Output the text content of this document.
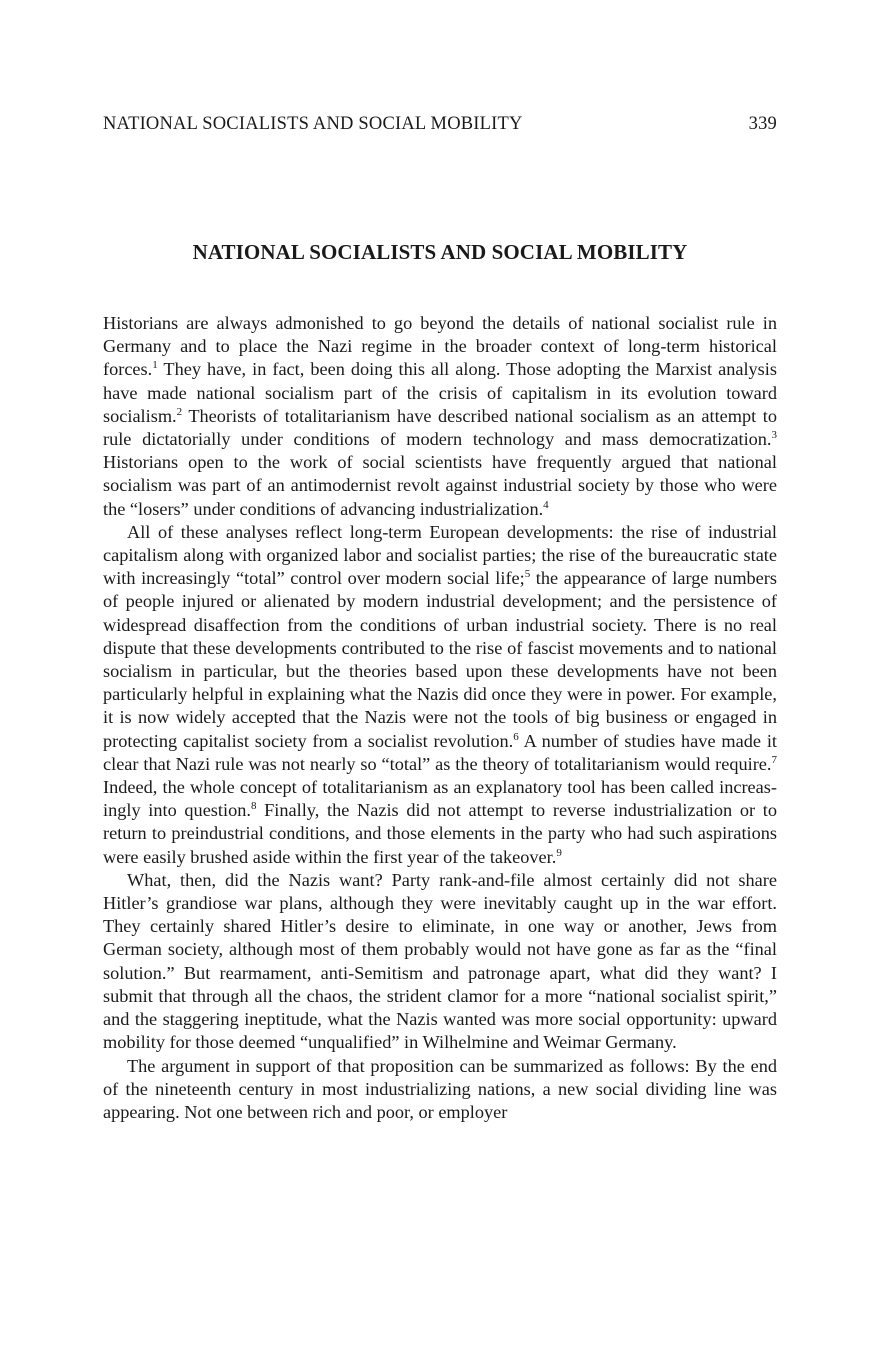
NATIONAL SOCIALISTS AND SOCIAL MOBILITY	339
NATIONAL SOCIALISTS AND SOCIAL MOBILITY

Historians are always admonished to go beyond the details of national socialist rule in Germany and to place the Nazi regime in the broader context of long-term historical forces.$^1$ They have, in fact, been doing this all along. Those adopting the Marxist analysis have made national socialism part of the crisis of capitalism in its evolution toward socialism.$^2$ Theorists of totalitarianism have described national socialism as an attempt to rule dictatorially under conditions of modern technology and mass democratization.$^3$ Historians open to the work of social scientists have frequently argued that national socialism was part of an antimodernist revolt against industrial society by those who were the “losers” under conditions of advancing industrialization.$^4$

All of these analyses reflect long-term European developments: the rise of industrial capitalism along with organized labor and socialist parties; the rise of the bureaucratic state with increasingly “total” control over modern social life;$^5$ the appearance of large numbers of people injured or alienated by modern industrial development; and the persistence of widespread disaffection from the conditions of urban industrial society. There is no real dispute that these developments contributed to the rise of fascist movements and to national socialism in particular, but the theories based upon these developments have not been particularly helpful in explaining what the Nazis did once they were in power. For example, it is now widely accepted that the Nazis were not the tools of big business or engaged in protecting capitalist society from a socialist revolution.$^6$ A number of studies have made it clear that Nazi rule was not nearly so “total” as the theory of totalitarianism would require.$^7$ Indeed, the whole concept of totalitarianism as an explanatory tool has been called increasingly into question.$^8$ Finally, the Nazis did not attempt to reverse industrialization or to return to preindustrial conditions, and those elements in the party who had such aspirations were easily brushed aside within the first year of the takeover.$^9$

What, then, did the Nazis want? Party rank-and-file almost certainly did not share Hitler’s grandiose war plans, although they were inevitably caught up in the war effort. They certainly shared Hitler’s desire to eliminate, in one way or another, Jews from German society, although most of them probably would not have gone as far as the “final solution.” But rearmament, anti-Semitism and patronage apart, what did they want? I submit that through all the chaos, the strident clamor for a more “national socialist spirit,” and the staggering ineptitude, what the Nazis wanted was more social opportunity: upward mobility for those deemed “unqualified” in Wilhelmine and Weimar Germany.

The argument in support of that proposition can be summarized as follows: By the end of the nineteenth century in most industrializing nations, a new social dividing line was appearing. Not one between rich and poor, or employer
